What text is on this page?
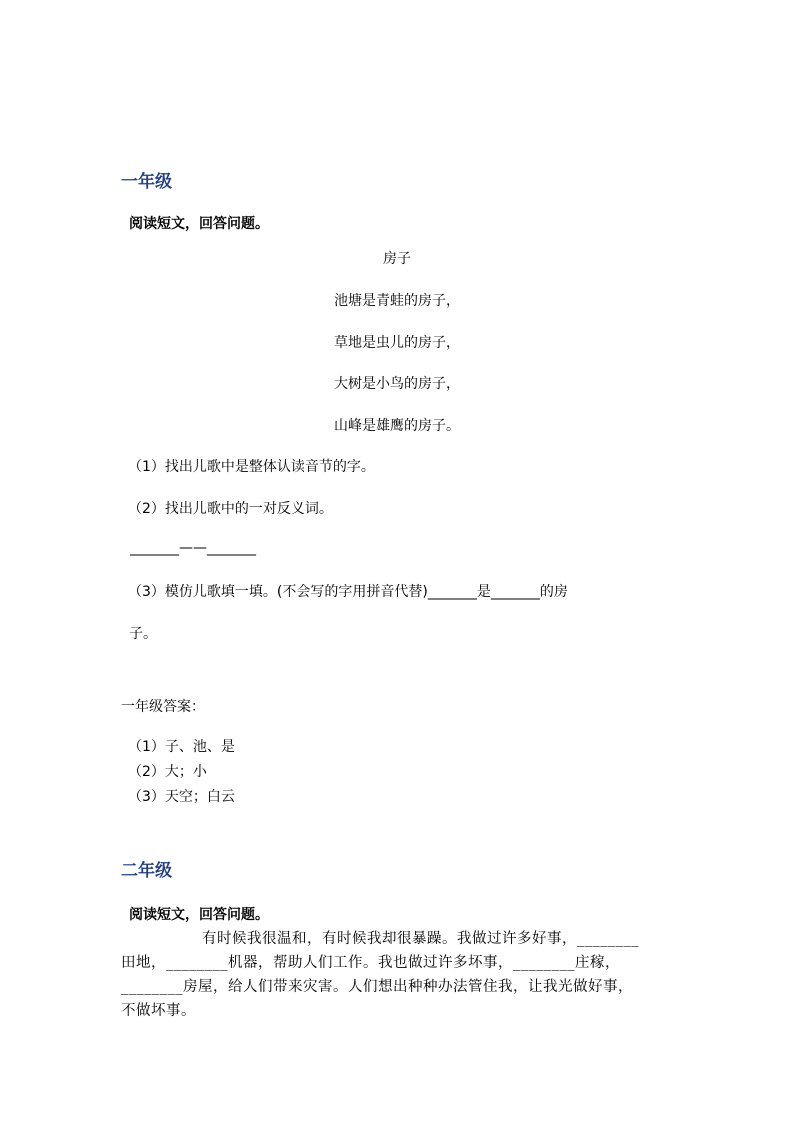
一年级
阅读短文，回答问题。
房子
池塘是青蛙的房子，
草地是虫儿的房子，
大树是小鸟的房子，
山峰是雄鹰的房子。
（1）找出儿歌中是整体认读音节的字。
（2）找出儿歌中的一对反义词。
_______——_______
（3）模仿儿歌填一填。(不会写的字用拼音代替)_______是_______的房
子。
一年级答案：
（1）子、池、是
（2）大；小
（3）天空；白云
二年级
阅读短文，回答问题。
有时候我很温和，有时候我却很暴躁。我做过许多好事，________
田地，________机器，帮助人们工作。我也做过许多坏事，________庄稼，
________房屋，给人们带来灾害。人们想出种种办法管住我，让我光做好事，
不做坏事。
